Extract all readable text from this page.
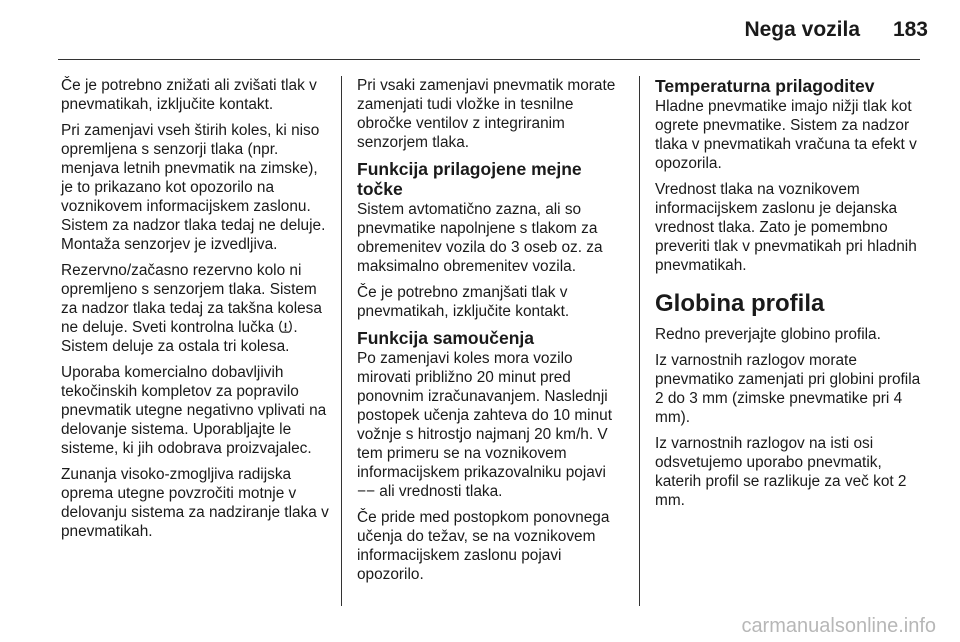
Nega vozila 183

Če je potrebno znižati ali zvišati tlak v pnevmatikah, izključite kontakt.

Pri zamenjavi vseh štirih koles, ki niso opremljena s senzorji tlaka (npr. menjava letnih pnevmatik na zimske), je to prikazano kot opozorilo na voznikovem informacijskem zaslonu. Sistem za nadzor tlaka tedaj ne deluje. Montaža senzorjev je izvedljiva.

Rezervno/začasno rezervno kolo ni opremljeno s senzorjem tlaka. Sistem za nadzor tlaka tedaj za takšna kolesa ne deluje. Sveti kontrolna lučka . Sistem deluje za ostala tri kolesa.

Uporaba komercialno dobavljivih tekočinskih kompletov za popravilo pnevmatik utegne negativno vplivati na delovanje sistema. Uporabljajte le sisteme, ki jih odobrava proizvajalec.

Zunanja visoko-zmogljiva radijska oprema utegne povzročiti motnje v delovanju sistema za nadziranje tlaka v pnevmatikah.

Pri vsaki zamenjavi pnevmatik morate zamenjati tudi vložke in tesnilne obročke ventilov z integriranim senzorjem tlaka.

Funkcija prilagojene mejne točke

Sistem avtomatično zazna, ali so pnevmatike napolnjene s tlakom za obremenitev vozila do 3 oseb oz. za maksimalno obremenitev vozila.

Če je potrebno zmanjšati tlak v pnevmatikah, izključite kontakt.

Funkcija samoučenja

Po zamenjavi koles mora vozilo mirovati približno 20 minut pred ponovnim izračunavanjem. Naslednji postopek učenja zahteva do 10 minut vožnje s hitrostjo najmanj 20 km/h. V tem primeru se na voznikovem informacijskem prikazovalniku pojavi −− ali vrednosti tlaka.

Če pride med postopkom ponovnega učenja do težav, se na voznikovem informacijskem zaslonu pojavi opozorilo.

Temperaturna prilagoditev

Hladne pnevmatike imajo nižji tlak kot ogrete pnevmatike. Sistem za nadzor tlaka v pnevmatikah vračuna ta efekt v opozorila.

Vrednost tlaka na voznikovem informacijskem zaslonu je dejanska vrednost tlaka. Zato je pomembno preveriti tlak v pnevmatikah pri hladnih pnevmatikah.

Globina profila

Redno preverjajte globino profila.

Iz varnostnih razlogov morate pnevmatiko zamenjati pri globini profila 2 do 3 mm (zimske pnevmatike pri 4 mm).

Iz varnostnih razlogov na isti osi odsvetujemo uporabo pnevmatik, katerih profil se razlikuje za več kot 2 mm.

carmanualsonline.info
